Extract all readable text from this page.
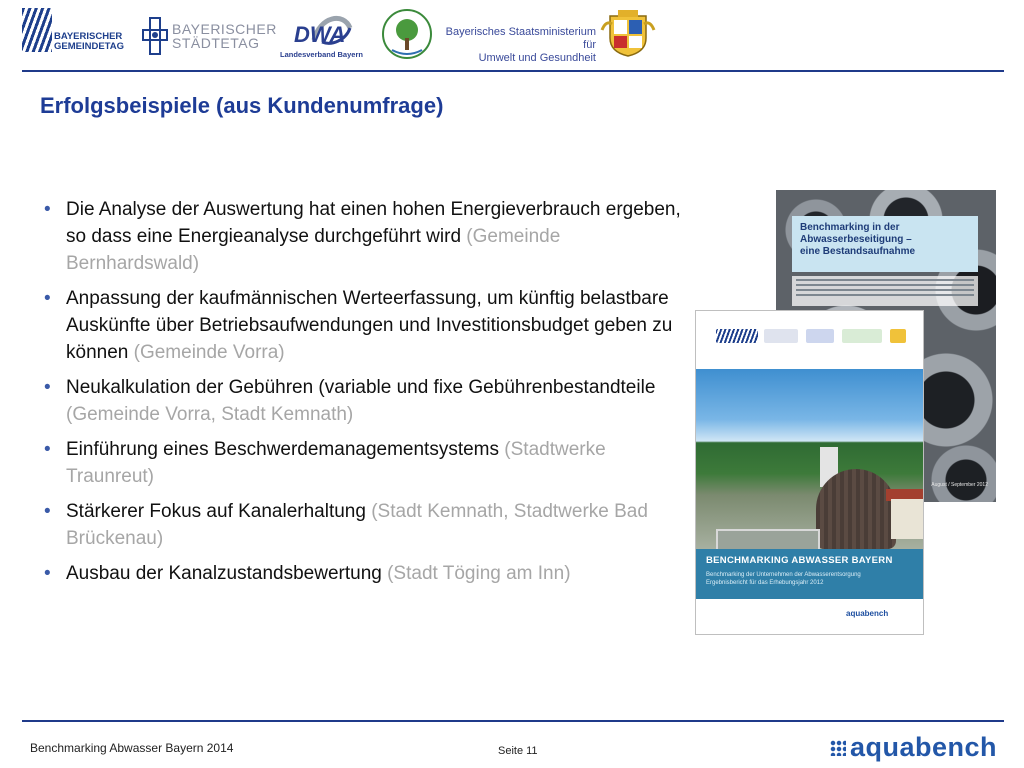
BAYERISCHER
GEMEINDETAG
BAYERISCHER
STÄDTETAG	DWA
Landesverband Bayern
Bayerisches Staatsministerium für
Umwelt und Gesundheit
Erfolgsbeispiele (aus Kundenumfrage)
• Die Analyse der Auswertung hat einen hohen Energieverbrauch ergeben, so dass eine Energieanalyse durchgeführt wird (Gemeinde Bernhardswald)
• Anpassung der kaufmännischen Werteerfassung, um künftig belastbare Auskünfte über Betriebsaufwendungen und Investitionsbudget geben zu können (Gemeinde Vorra)
• Neukalkulation der Gebühren (variable und fixe Gebührenbestandteile (Gemeinde Vorra, Stadt Kemnath)
• Einführung eines Beschwerdemanagementsystems (Stadtwerke Traunreut)
• Stärkerer Fokus auf Kanalerhaltung (Stadt Kemnath, Stadtwerke Bad Brückenau)
• Ausbau der Kanalzustandsbewertung (Stadt Töging am Inn)
Benchmarking in der
Abwasserbeseitigung –
eine Bestandsaufnahme
August / September 2012
BENCHMARKING ABWASSER BAYERN
Benchmarking der Unternehmen der Abwasserentsorgung
Ergebnisbericht für das Erhebungsjahr 2012
aquabench
Benchmarking Abwasser Bayern 2014	Seite 11	aquabench
